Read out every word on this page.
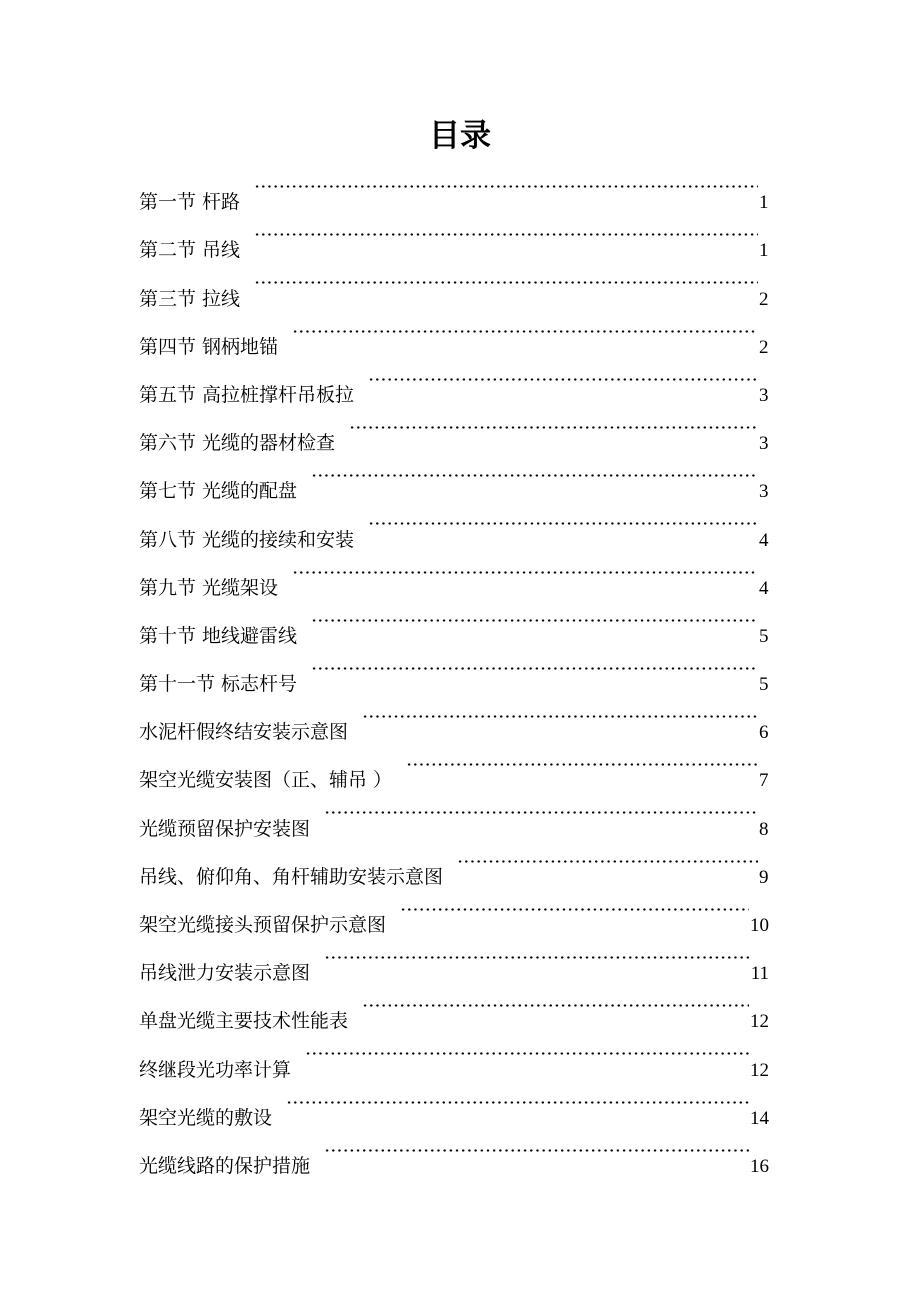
目录
第一节 杆路	1
第二节 吊线	1
第三节 拉线	2
第四节 钢柄地锚	2
第五节 高拉桩撑杆吊板拉	3
第六节 光缆的器材检查	3
第七节 光缆的配盘	3
第八节 光缆的接续和安装	4
第九节 光缆架设	4
第十节 地线避雷线	5
第十一节 标志杆号	5
水泥杆假终结安装示意图	6
架空光缆安装图（正、辅吊 ）	7
光缆预留保护安装图	8
吊线、俯仰角、角杆辅助安装示意图	9
架空光缆接头预留保护示意图	10
吊线泄力安装示意图	11
单盘光缆主要技术性能表	12
终继段光功率计算	12
架空光缆的敷设	14
光缆线路的保护措施	16
